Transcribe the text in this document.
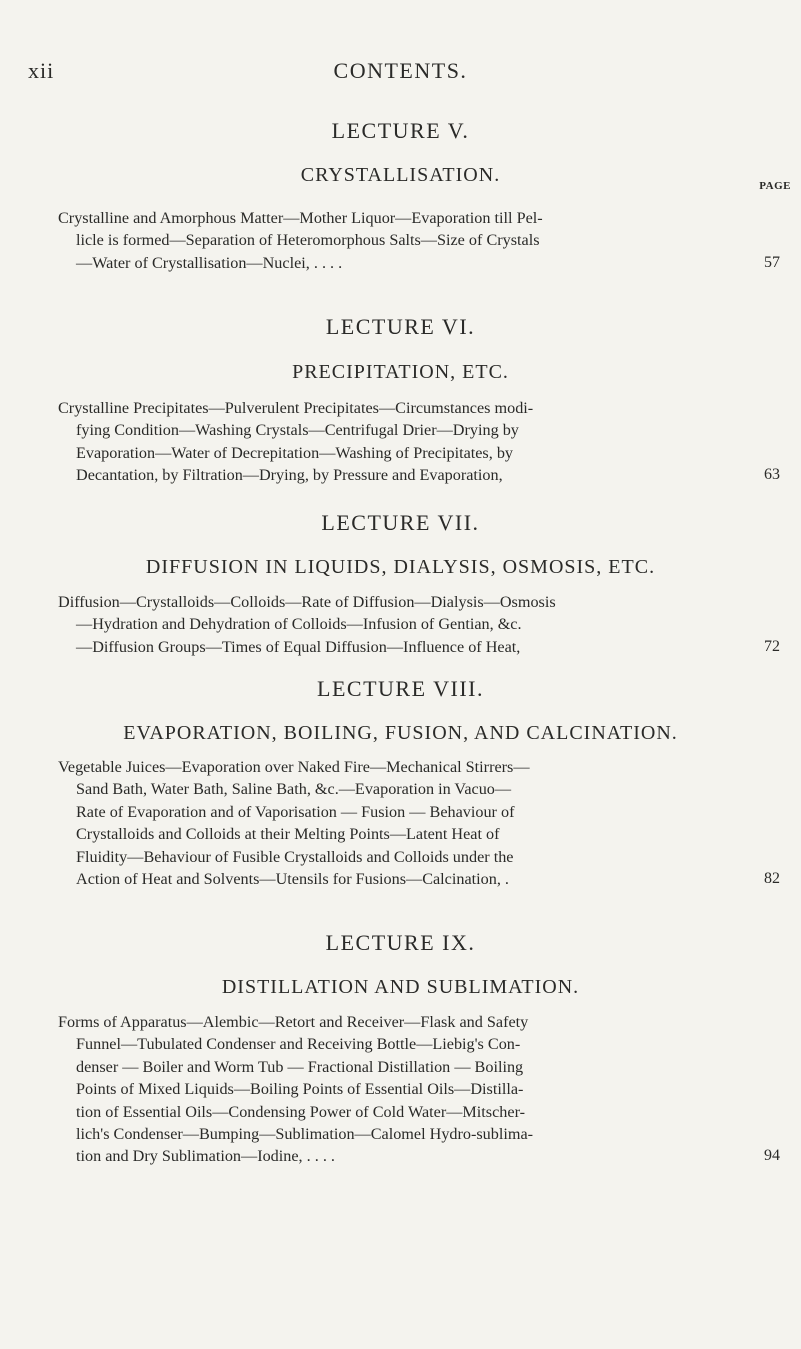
xii	CONTENTS.
LECTURE V.
CRYSTALLISATION.	PAGE
Crystalline and Amorphous Matter—Mother Liquor—Evaporation till Pel-
licle is formed—Separation of Heteromorphous Salts—Size of Crystals
—Water of Crystallisation—Nuclei, . . . .	57
LECTURE VI.
PRECIPITATION, ETC.
Crystalline Precipitates—Pulverulent Precipitates—Circumstances modi-
fying Condition—Washing Crystals—Centrifugal Drier—Drying by
Evaporation—Water of Decrepitation—Washing of Precipitates, by
Decantation, by Filtration—Drying, by Pressure and Evaporation,	63
LECTURE VII.
DIFFUSION IN LIQUIDS, DIALYSIS, OSMOSIS, ETC.
Diffusion—Crystalloids—Colloids—Rate of Diffusion—Dialysis—Osmosis
—Hydration and Dehydration of Colloids—Infusion of Gentian, &c.
—Diffusion Groups—Times of Equal Diffusion—Influence of Heat,	72
LECTURE VIII.
EVAPORATION, BOILING, FUSION, AND CALCINATION.
Vegetable Juices—Evaporation over Naked Fire—Mechanical Stirrers—
Sand Bath, Water Bath, Saline Bath, &c.—Evaporation in Vacuo—
Rate of Evaporation and of Vaporisation — Fusion — Behaviour of
Crystalloids and Colloids at their Melting Points—Latent Heat of
Fluidity—Behaviour of Fusible Crystalloids and Colloids under the
Action of Heat and Solvents—Utensils for Fusions—Calcination, .	82
LECTURE IX.
DISTILLATION AND SUBLIMATION.
Forms of Apparatus—Alembic—Retort and Receiver—Flask and Safety
Funnel—Tubulated Condenser and Receiving Bottle—Liebig's Con-
denser — Boiler and Worm Tub — Fractional Distillation — Boiling
Points of Mixed Liquids—Boiling Points of Essential Oils—Distilla-
tion of Essential Oils—Condensing Power of Cold Water—Mitscher-
lich's Condenser—Bumping—Sublimation—Calomel Hydro-sublima-
tion and Dry Sublimation—Iodine, . . . .	94
